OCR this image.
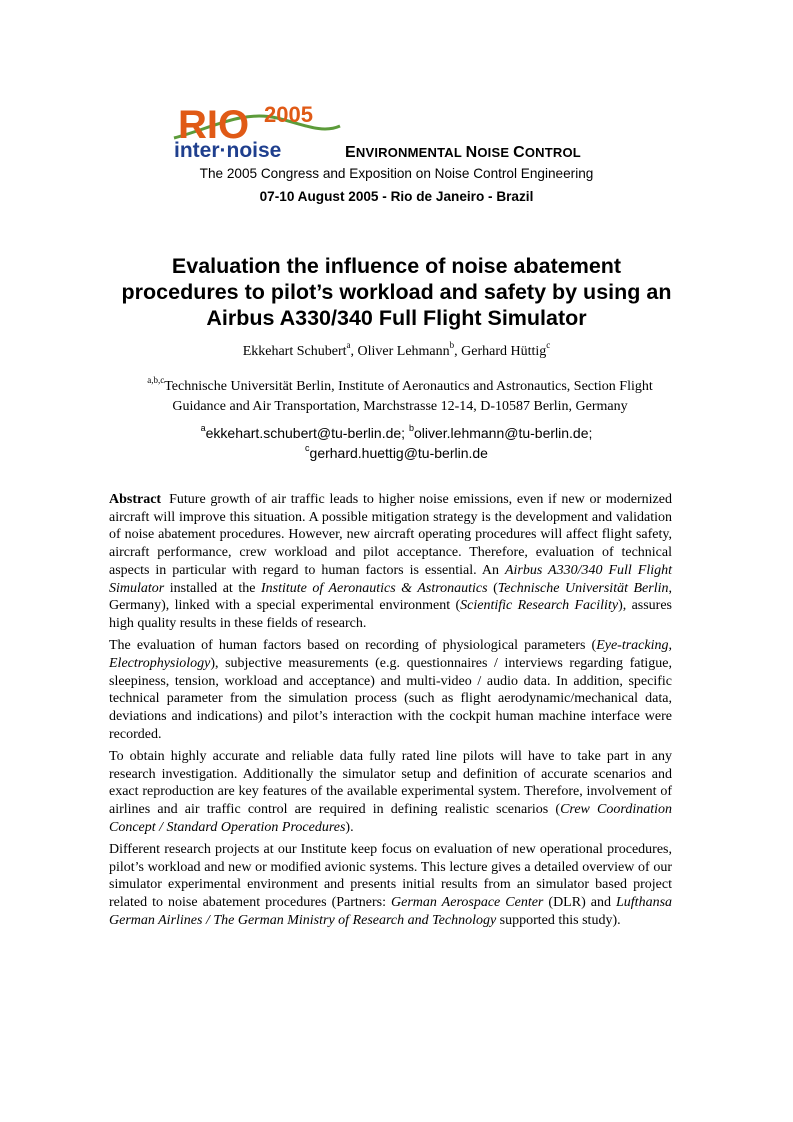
RIO 2005
inter·noise	ENVIRONMENTAL NOISE CONTROL
The 2005 Congress and Exposition on Noise Control Engineering
07-10 August 2005 - Rio de Janeiro - Brazil
Evaluation the influence of noise abatement
procedures to pilot’s workload and safety by using an
Airbus A330/340 Full Flight Simulator
Ekkehart Schubert$^a$, Oliver Lehmann$^b$, Gerhard Hüttig$^c$
$^{a,b,c}$Technische Universität Berlin, Institute of Aeronautics and Astronautics, Section Flight
Guidance and Air Transportation, Marchstrasse 12-14, D-10587 Berlin, Germany
$^a$ekkehart.schubert@tu-berlin.de; $^b$oliver.lehmann@tu-berlin.de;
$^c$gerhard.huettig@tu-berlin.de

Abstract Future growth of air traffic leads to higher noise emissions, even if new or modernized aircraft will improve this situation. A possible mitigation strategy is the development and validation of noise abatement procedures. However, new aircraft operating procedures will affect flight safety, aircraft performance, crew workload and pilot acceptance. Therefore, evaluation of technical aspects in particular with regard to human factors is essential. An Airbus A330/340 Full Flight Simulator installed at the Institute of Aeronautics & Astronautics (Technische Universität Berlin, Germany), linked with a special experimental environment (Scientific Research Facility), assures high quality results in these fields of research.

The evaluation of human factors based on recording of physiological parameters (Eye-tracking, Electrophysiology), subjective measurements (e.g. questionnaires / interviews regarding fatigue, sleepiness, tension, workload and acceptance) and multi-video / audio data. In addition, specific technical parameter from the simulation process (such as flight aerodynamic/mechanical data, deviations and indications) and pilot’s interaction with the cockpit human machine interface were recorded.

To obtain highly accurate and reliable data fully rated line pilots will have to take part in any research investigation. Additionally the simulator setup and definition of accurate scenarios and exact reproduction are key features of the available experimental system. Therefore, involvement of airlines and air traffic control are required in defining realistic scenarios (Crew Coordination Concept / Standard Operation Procedures).

Different research projects at our Institute keep focus on evaluation of new operational procedures, pilot’s workload and new or modified avionic systems. This lecture gives a detailed overview of our simulator experimental environment and presents initial results from an simulator based project related to noise abatement procedures (Partners: German Aerospace Center (DLR) and Lufthansa German Airlines / The German Ministry of Research and Technology supported this study).
